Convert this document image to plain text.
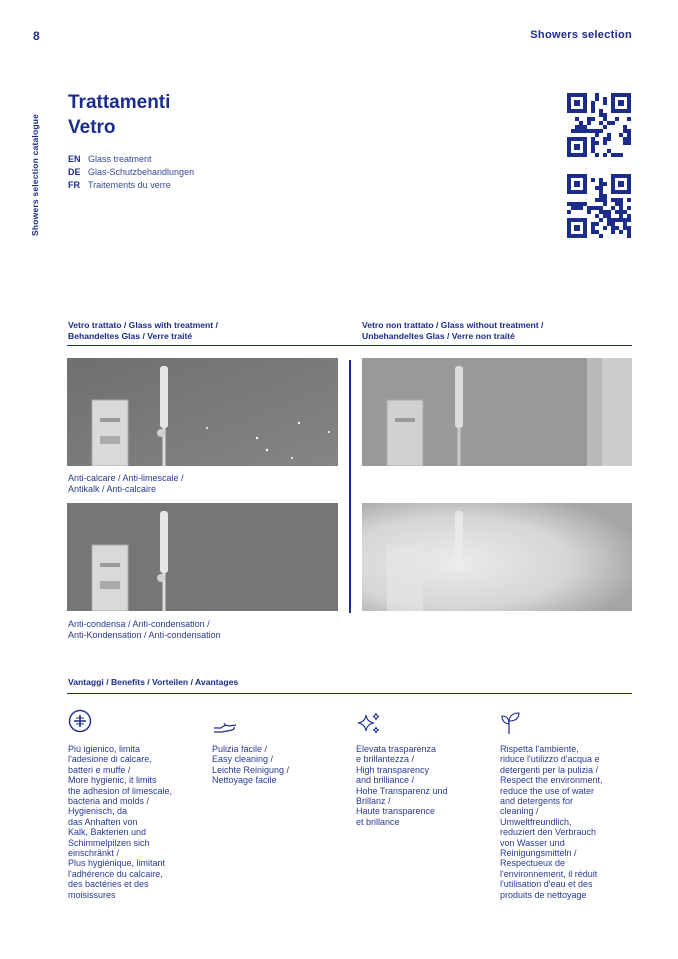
8	Showers selection
Showers selection catalogue
Trattamenti
Vetro
EN Glass treatment
DE Glas-Schutzbehandlungen
FR Traitements du verre
Vetro trattato / Glass with treatment /
Behandeltes Glas / Verre traité
Vetro non trattato / Glass without treatment /
Unbehandeltes Glas / Verre non traité
Anti-calcare / Anti-limescale /
Antikalk / Anti-calcaire
Anti-condensa / Anti-condensation /
Anti-Kondensation / Anti-condensation
Vantaggi / Benefits / Vorteilen / Avantages
Più igienico, limita
l'adesione di calcare,
batteri e muffe /
More hygienic, it limits
the adhesion of limescale,
bacteria and molds /
Hygienisch, da
das Anhaften von
Kalk, Bakterien und
Schimmelpilzen sich
einschränkt /
Plus hygiénique, limitant
l'adhérence du calcaire,
des bactéries et des
moisissures
Pulizia facile /
Easy cleaning /
Leichte Reinigung /
Nettoyage facile
Elevata trasparenza
e brillantezza /
High transparency
and brilliance /
Hohe Transparenz und
Brillanz /
Haute transparence
et brillance
Rispetta l'ambiente,
riduce l'utilizzo d'acqua e
detergenti per la pulizia /
Respect the environment,
reduce the use of water
and detergents for
cleaning /
Umweltfreundlich,
reduziert den Verbrauch
von Wasser und
Reinigungsmitteln /
Respectueux de
l'environnement, il réduit
l'utilisation d'eau et des
produits de nettoyage
